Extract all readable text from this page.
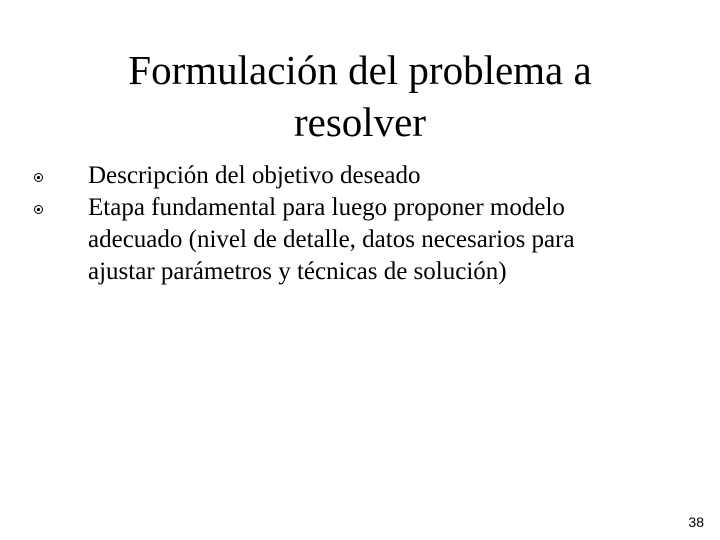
Formulación del problema a
resolver
Descripción del objetivo deseado
Etapa fundamental para luego proponer modelo
adecuado (nivel de detalle, datos necesarios para
ajustar parámetros y técnicas de solución)
38
